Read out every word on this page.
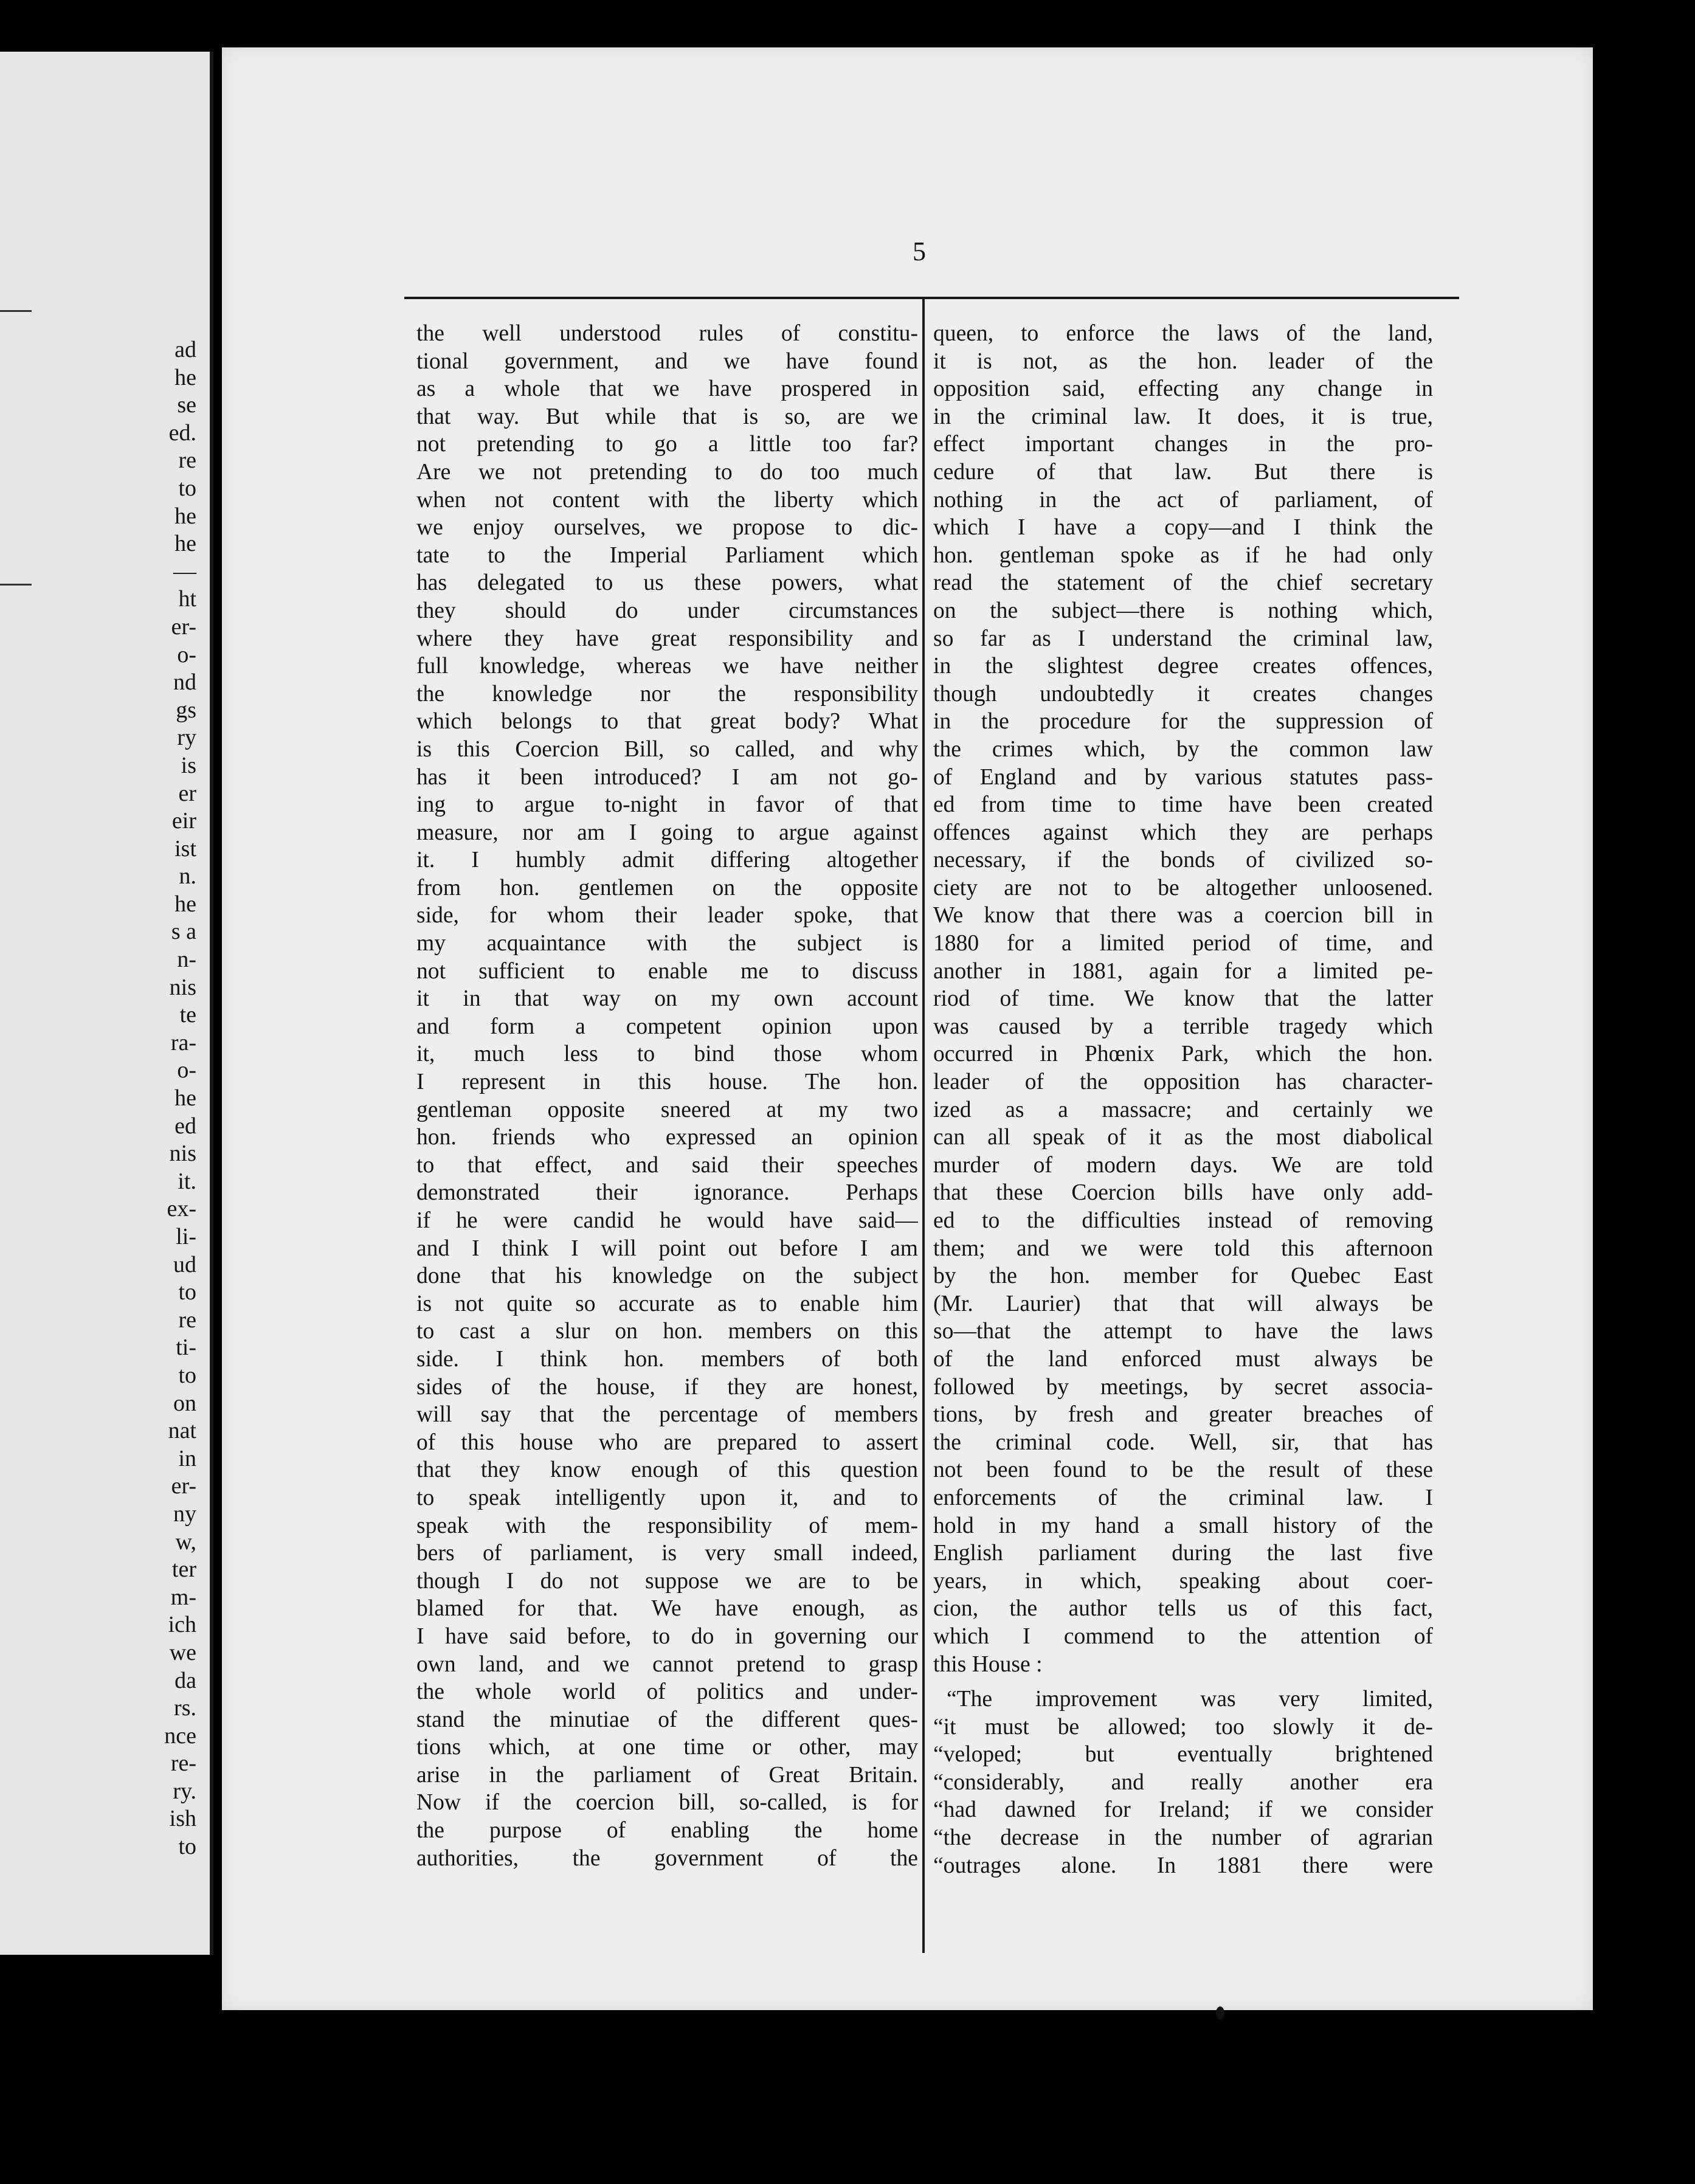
ad
he
se
ed.
re
to
he
he
—
ht
er-
o-
nd
gs
ry
is
er
eir
ist
n.
he
s a
n-
nis
te
ra-
o-
he
ed
nis
it.
ex-
li-
ud
to
re
ti-
to
on
nat
in
er-
ny
w,
ter
m-
ich
we
da
rs.
nce
re-
ry.
ish
to

5

the well understood rules of constitu-
tional government, and we have found
as a whole that we have prospered in
that way. But while that is so, are we
not pretending to go a little too far?
Are we not pretending to do too much
when not content with the liberty which
we enjoy ourselves, we propose to dic-
tate to the Imperial Parliament which
has delegated to us these powers, what
they should do under circumstances
where they have great responsibility and
full knowledge, whereas we have neither
the knowledge nor the responsibility
which belongs to that great body? What
is this Coercion Bill, so called, and why
has it been introduced? I am not go-
ing to argue to-night in favor of that
measure, nor am I going to argue against
it. I humbly admit differing altogether
from hon. gentlemen on the opposite
side, for whom their leader spoke, that
my acquaintance with the subject is
not sufficient to enable me to discuss
it in that way on my own account
and form a competent opinion upon
it, much less to bind those whom
I represent in this house. The hon.
gentleman opposite sneered at my two
hon. friends who expressed an opinion
to that effect, and said their speeches
demonstrated their ignorance. Perhaps
if he were candid he would have said—
and I think I will point out before I am
done that his knowledge on the subject
is not quite so accurate as to enable him
to cast a slur on hon. members on this
side. I think hon. members of both
sides of the house, if they are honest,
will say that the percentage of members
of this house who are prepared to assert
that they know enough of this question
to speak intelligently upon it, and to
speak with the responsibility of mem-
bers of parliament, is very small indeed,
though I do not suppose we are to be
blamed for that. We have enough, as
I have said before, to do in governing our
own land, and we cannot pretend to grasp
the whole world of politics and under-
stand the minutiae of the different ques-
tions which, at one time or other, may
arise in the parliament of Great Britain.
Now if the coercion bill, so-called, is for
the purpose of enabling the home
authorities, the government of the
queen, to enforce the laws of the land,
it is not, as the hon. leader of the
opposition said, effecting any change in
in the criminal law. It does, it is true,
effect important changes in the pro-
cedure of that law. But there is
nothing in the act of parliament, of
which I have a copy—and I think the
hon. gentleman spoke as if he had only
read the statement of the chief secretary
on the subject—there is nothing which,
so far as I understand the criminal law,
in the slightest degree creates offences,
though undoubtedly it creates changes
in the procedure for the suppression of
the crimes which, by the common law
of England and by various statutes pass-
ed from time to time have been created
offences against which they are perhaps
necessary, if the bonds of civilized so-
ciety are not to be altogether unloosened.
We know that there was a coercion bill in
1880 for a limited period of time, and
another in 1881, again for a limited pe-
riod of time. We know that the latter
was caused by a terrible tragedy which
occurred in Phœnix Park, which the hon.
leader of the opposition has character-
ized as a massacre; and certainly we
can all speak of it as the most diabolical
murder of modern days. We are told
that these Coercion bills have only add-
ed to the difficulties instead of removing
them; and we were told this afternoon
by the hon. member for Quebec East
(Mr. Laurier) that that will always be
so—that the attempt to have the laws
of the land enforced must always be
followed by meetings, by secret associa-
tions, by fresh and greater breaches of
the criminal code. Well, sir, that has
not been found to be the result of these
enforcements of the criminal law. I
hold in my hand a small history of the
English parliament during the last five
years, in which, speaking about coer-
cion, the author tells us of this fact,
which I commend to the attention of
this House :
“The improvement was very limited,
“it must be allowed; too slowly it de-
“veloped; but eventually brightened
“considerably, and really another era
“had dawned for Ireland; if we consider
“the decrease in the number of agrarian
“outrages alone. In 1881 there were
